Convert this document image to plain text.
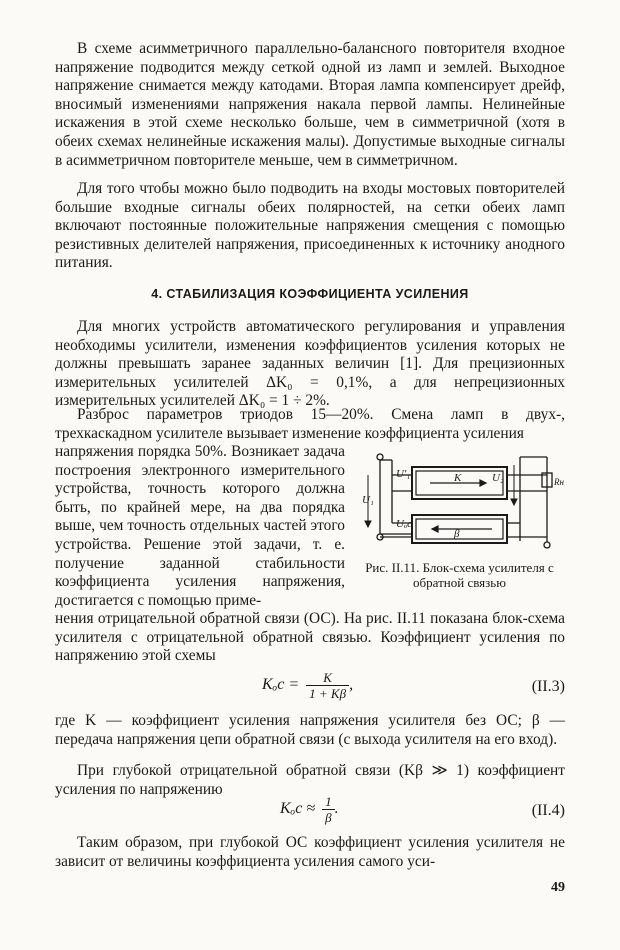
В схеме асимметричного параллельно-балансного повторителя входное напряжение подводится между сеткой одной из ламп и землей. Выходное напряжение снимается между катодами. Вторая лампа компенсирует дрейф, вносимый изменениями напряжения накала первой лампы. Нелинейные искажения в этой схеме несколько больше, чем в симметричной (хотя в обеих схемах нелинейные искажения малы). Допустимые выходные сигналы в асимметричном повторителе меньше, чем в симметричном.

Для того чтобы можно было подводить на входы мостовых повторителей большие входные сигналы обеих полярностей, на сетки обеих ламп включают постоянные положительные напряжения смещения с помощью резистивных делителей напряжения, присоединенных к источнику анодного питания.

4. СТАБИЛИЗАЦИЯ КОЭФФИЦИЕНТА УСИЛЕНИЯ

Для многих устройств автоматического регулирования и управления необходимы усилители, изменения коэффициентов усиления которых не должны превышать заранее заданных величин [1]. Для прецизионных измерительных усилителей ΔK₀ = 0,1%, а для непрецизионных измерительных усилителей ΔK₀ = 1 ÷ 2%.

Разброс параметров триодов 15—20%. Смена ламп в двух-, трехкаскадном усилителе вызывает изменение коэффициента усиления

напряжения порядка 50%. Возникает задача построения электронного измерительного устройства, точность которого должна быть, по крайней мере, на два порядка выше, чем точность отдельных частей этого устройства. Решение этой задачи, т. е. получение заданной стабильности коэффициента усиления напряжения, достигается с помощью приме-

U₁
U′₁	U₂
Uₒc
K
β
Rн
Рис. II.11. Блок-схема усилителя с обратной связью

нения отрицательной обратной связи (ОС). На рис. II.11 показана блок-схема усилителя с отрицательной обратной связью. Коэффициент усиления по напряжению этой схемы

$K_oc = \frac{K}{1 + K\beta}$ ,	(II.3)

где K — коэффициент усиления напряжения усилителя без ОС; β — передача напряжения цепи обратной связи (с выхода усилителя на его вход).

При глубокой отрицательной обратной связи (Kβ ≫ 1) коэффициент усиления по напряжению

$K_oc \approx \frac{1}{\beta}$ .	(II.4)

Таким образом, при глубокой ОС коэффициент усиления усилителя не зависит от величины коэффициента усиления самого уси-

49
